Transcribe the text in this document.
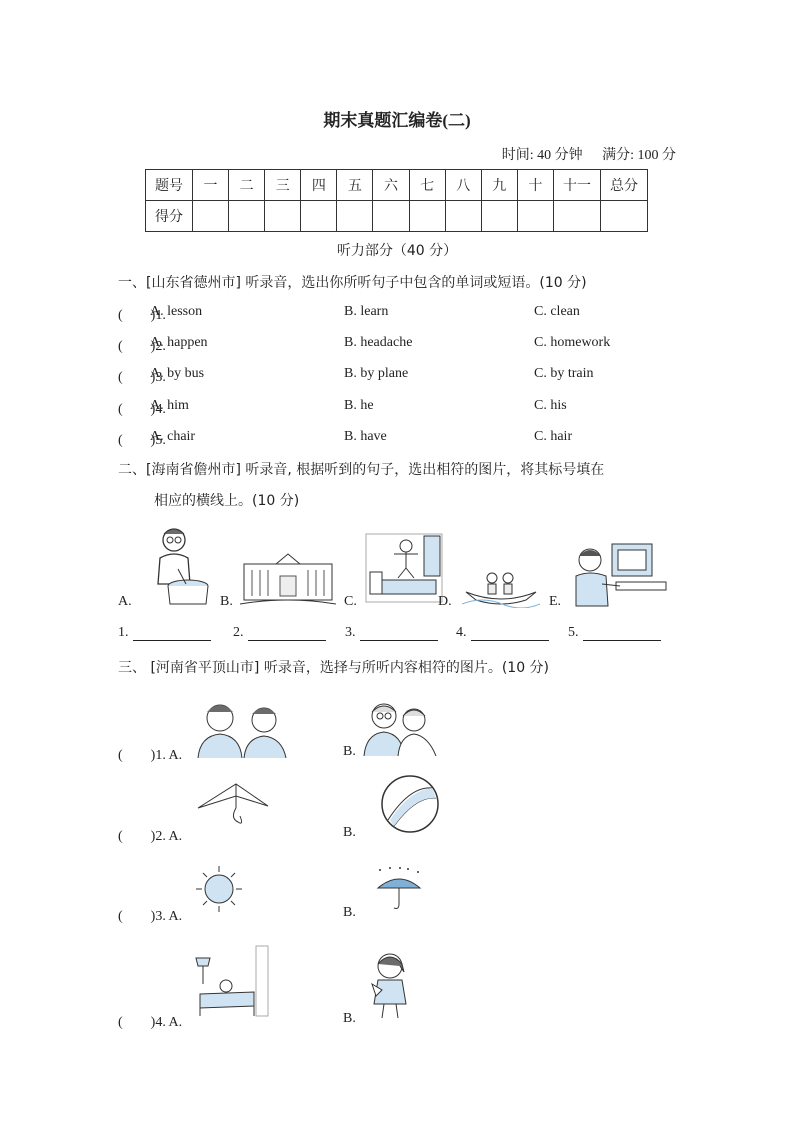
期末真题汇编卷(二)
时间: 40 分钟 满分: 100 分
题号	一	二	三	四	五	六	七	八	九	十	十一	总分
得分												
听力部分（40 分）
一、[山东省德州市] 听录音，选出你所听句子中包含的单词或短语。(10 分)
(　　)1.
A. lesson	B. learn	C. clean
(　　)2.
A. happen	B. headache	C. homework
(　　)3.
A. by bus	B. by plane	C. by train
(　　)4.
A. him	B. he	C. his
(　　)5.
A. chair	B. have	C. hair
二、[海南省儋州市] 听录音, 根据听到的句子，选出相符的图片，将其标号填在
相应的横线上。(10 分)
A.	B.	C.	D.	E.
1.	2.	3.	4.	5.
三、 [河南省平顶山市] 听录音，选择与所听内容相符的图片。(10 分)
(　　)1. A.	B.
(　　)2. A.	B.
(　　)3. A.	B.
(　　)4. A.	B.
